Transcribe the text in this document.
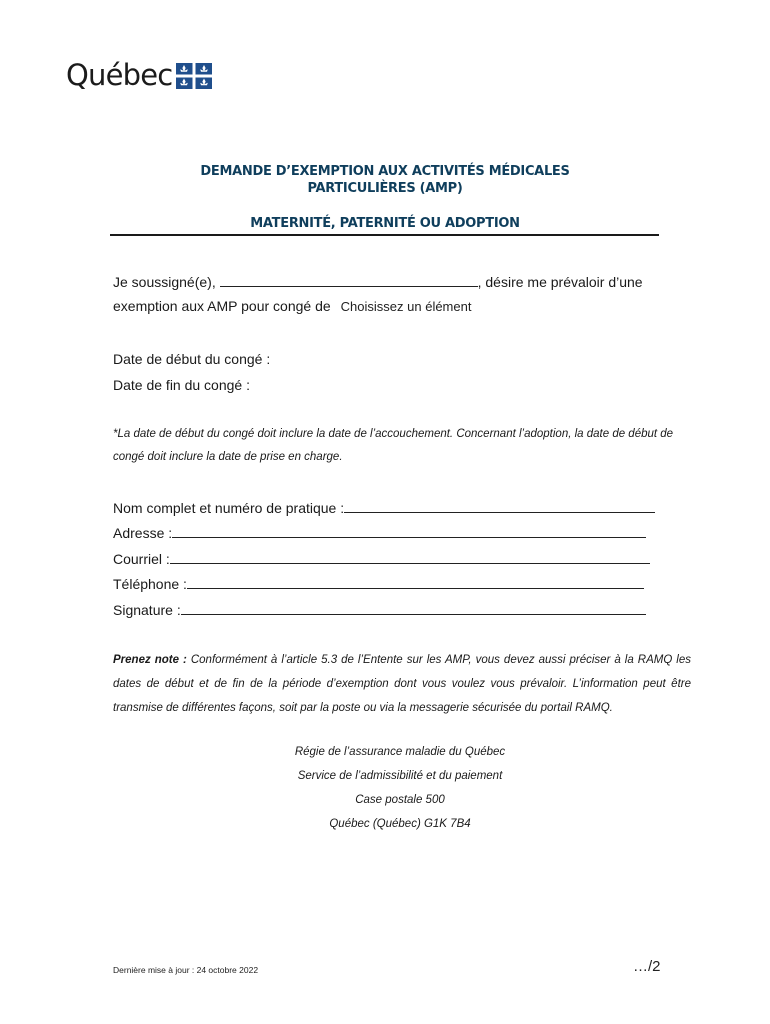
Québec
DEMANDE D’EXEMPTION AUX ACTIVITÉS MÉDICALES
PARTICULIÈRES (AMP)
MATERNITÉ, PATERNITÉ OU ADOPTION
Je soussigné(e),	, désire me prévaloir d’une
exemption aux AMP pour congé de Choisissez un élément
Date de début du congé :
Date de fin du congé :
*La date de début du congé doit inclure la date de l’accouchement. Concernant l’adoption, la date de début de
congé doit inclure la date de prise en charge.
Nom complet et numéro de pratique :
Adresse :
Courriel :
Téléphone :
Signature :
Prenez note : Conformément à l’article 5.3 de l’Entente sur les AMP, vous devez aussi préciser à la RAMQ les dates de début et de fin de la période d’exemption dont vous voulez vous prévaloir. L’information peut être transmise de différentes façons, soit par la poste ou via la messagerie sécurisée du portail RAMQ.
Régie de l’assurance maladie du Québec
Service de l’admissibilité et du paiement
Case postale 500
Québec (Québec) G1K 7B4
Dernière mise à jour : 24 octobre 2022	…/2
